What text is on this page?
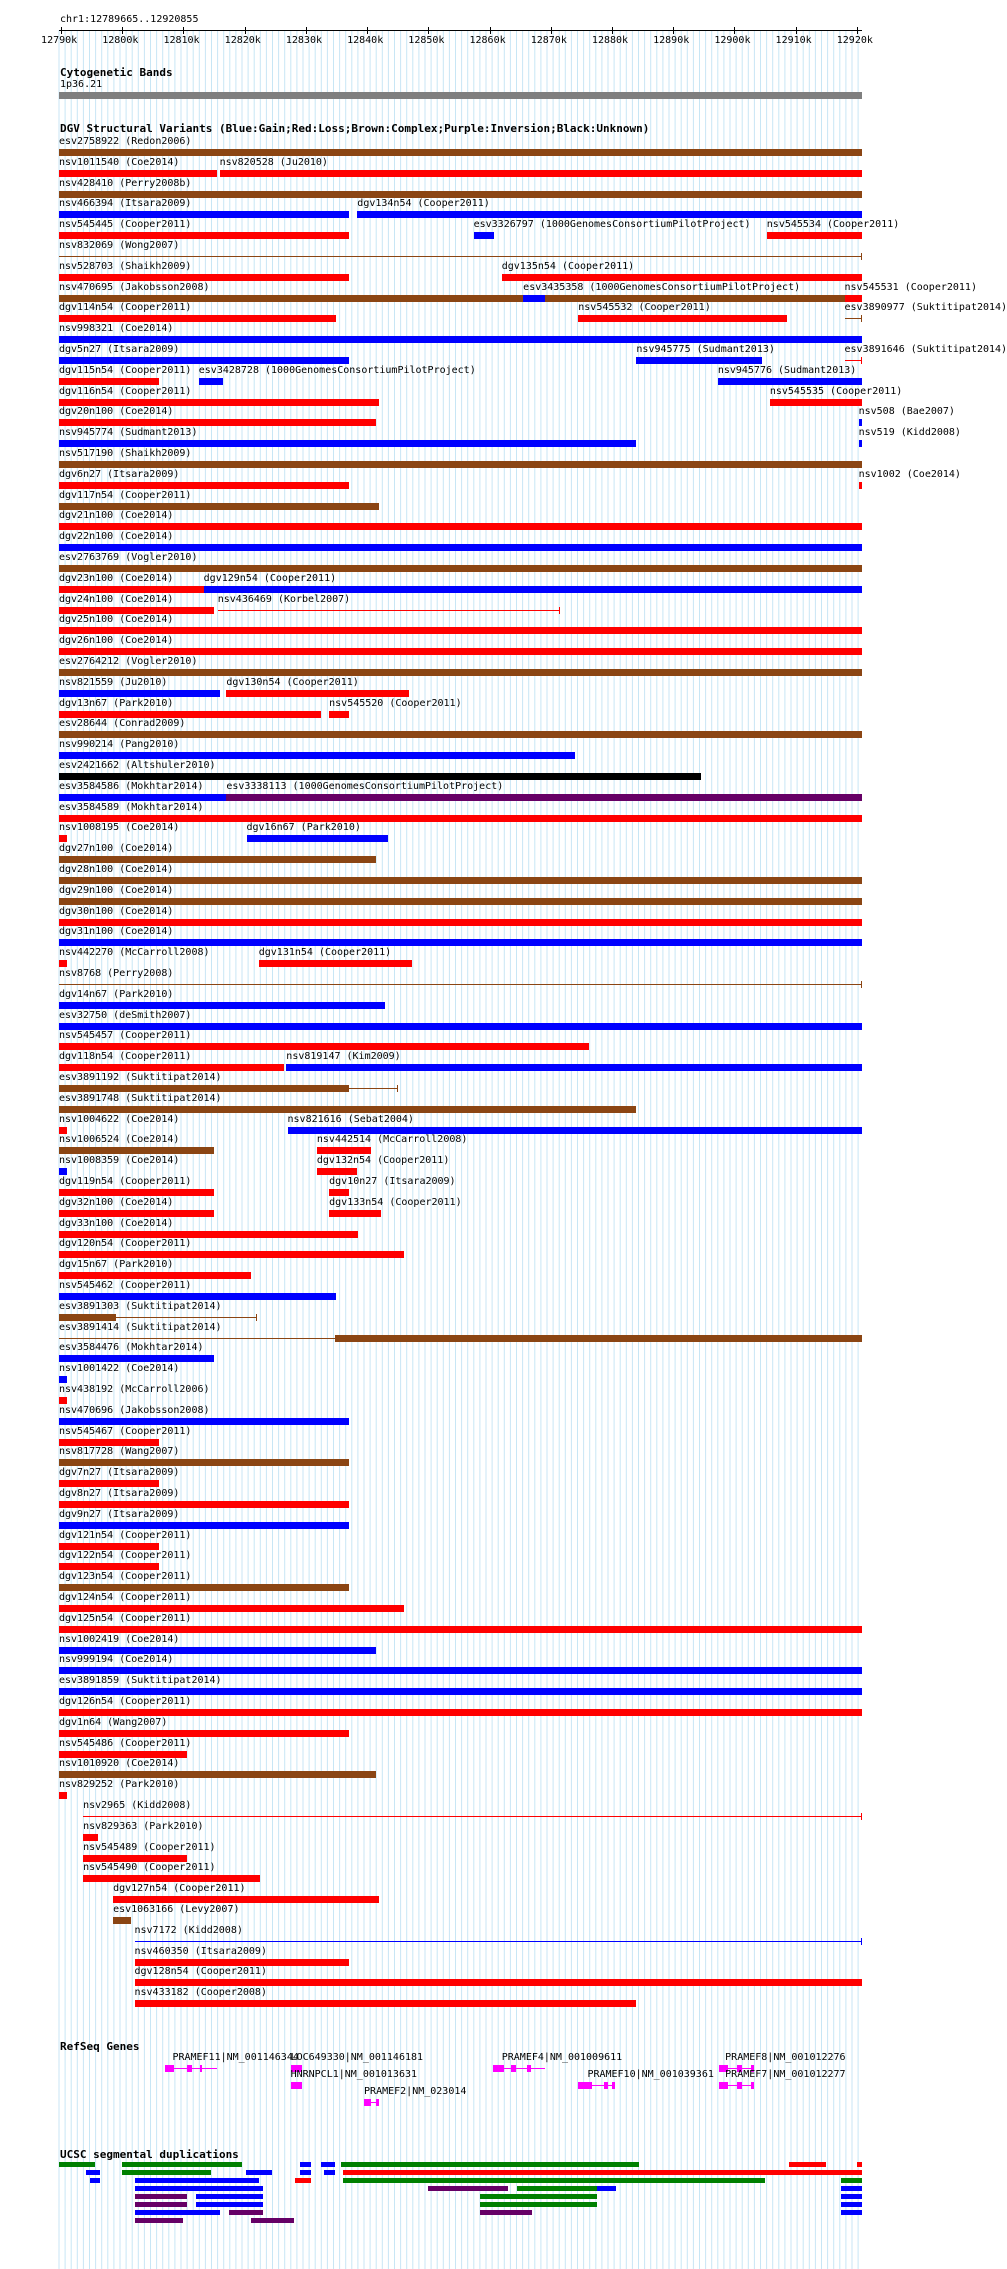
chr1:12789665..12920855
Cytogenetic Bands
1p36.21
DGV Structural Variants (Blue:Gain;Red:Loss;Brown:Complex;Purple:Inversion;Black:Unknown)
RefSeq Genes
UCSC segmental duplications
12790k	12800k	12810k	12820k	12830k	12840k	12850k	12860k	12870k	12880k	12890k	12900k	12910k	12920k
esv2758922 (Redon2006)
nsv1011540 (Coe2014)	nsv820528 (Ju2010)
nsv428410 (Perry2008b)
nsv466394 (Itsara2009)	dgv134n54 (Cooper2011)
nsv545445 (Cooper2011)	esv3326797 (1000GenomesConsortiumPilotProject) nsv545534 (Cooper2011)
nsv832069 (Wong2007)
nsv528703 (Shaikh2009)	dgv135n54 (Cooper2011)
nsv470695 (Jakobsson2008)	esv3435358 (1000GenomesConsortiumPilotProject)	nsv545531 (Cooper2011)
dgv114n54 (Cooper2011)	nsv545532 (Cooper2011)	esv3890977 (Suktitipat2014)
nsv998321 (Coe2014)
dgv5n27 (Itsara2009)	nsv945775 (Sudmant2013)	esv3891646 (Suktitipat2014)
dgv115n54 (Cooper2011) esv3428728 (1000GenomesConsortiumPilotProject)	nsv945776 (Sudmant2013)
dgv116n54 (Cooper2011)	nsv545535 (Cooper2011)
dgv20n100 (Coe2014)	nsv508 (Bae2007)
nsv945774 (Sudmant2013)	nsv519 (Kidd2008)
nsv517190 (Shaikh2009)
dgv6n27 (Itsara2009)	nsv1002 (Coe2014)
dgv117n54 (Cooper2011)
dgv21n100 (Coe2014)
dgv22n100 (Coe2014)
esv2763769 (Vogler2010)
dgv23n100 (Coe2014)	dgv129n54 (Cooper2011)
dgv24n100 (Coe2014)	nsv436469 (Korbel2007)
dgv25n100 (Coe2014)
dgv26n100 (Coe2014)
esv2764212 (Vogler2010)
nsv821559 (Ju2010)	dgv130n54 (Cooper2011)
dgv13n67 (Park2010)	nsv545520 (Cooper2011)
esv28644 (Conrad2009)
nsv990214 (Pang2010)
esv2421662 (Altshuler2010)
esv3584586 (Mokhtar2014) esv3338113 (1000GenomesConsortiumPilotProject)
esv3584589 (Mokhtar2014)
nsv1008195 (Coe2014)	dgv16n67 (Park2010)
dgv27n100 (Coe2014)
dgv28n100 (Coe2014)
dgv29n100 (Coe2014)
dgv30n100 (Coe2014)
dgv31n100 (Coe2014)
nsv442270 (McCarroll2008)	dgv131n54 (Cooper2011)
nsv8768 (Perry2008)
dgv14n67 (Park2010)
esv32750 (deSmith2007)
nsv545457 (Cooper2011)
dgv118n54 (Cooper2011)	nsv819147 (Kim2009)
esv3891192 (Suktitipat2014)
esv3891748 (Suktitipat2014)
nsv1004622 (Coe2014)	nsv821616 (Sebat2004)
nsv1006524 (Coe2014)	nsv442514 (McCarroll2008)
nsv1008359 (Coe2014)	dgv132n54 (Cooper2011)
dgv119n54 (Cooper2011)	dgv10n27 (Itsara2009)
dgv32n100 (Coe2014)	dgv133n54 (Cooper2011)
dgv33n100 (Coe2014)
dgv120n54 (Cooper2011)
dgv15n67 (Park2010)
nsv545462 (Cooper2011)
esv3891303 (Suktitipat2014)
esv3891414 (Suktitipat2014)
esv3584476 (Mokhtar2014)
nsv1001422 (Coe2014)
nsv438192 (McCarroll2006)
nsv470696 (Jakobsson2008)
nsv545467 (Cooper2011)
nsv817728 (Wang2007)
dgv7n27 (Itsara2009)
dgv8n27 (Itsara2009)
dgv9n27 (Itsara2009)
dgv121n54 (Cooper2011)
dgv122n54 (Cooper2011)
dgv123n54 (Cooper2011)
dgv124n54 (Cooper2011)
dgv125n54 (Cooper2011)
nsv1002419 (Coe2014)
nsv999194 (Coe2014)
esv3891859 (Suktitipat2014)
dgv126n54 (Cooper2011)
dgv1n64 (Wang2007)
nsv545486 (Cooper2011)
nsv1010920 (Coe2014)
nsv829252 (Park2010)
nsv2965 (Kidd2008)
nsv829363 (Park2010)
nsv545489 (Cooper2011)
nsv545490 (Cooper2011)
dgv127n54 (Cooper2011)
esv1063166 (Levy2007)
nsv7172 (Kidd2008)
nsv460350 (Itsara2009)
dgv128n54 (Cooper2011)
nsv433182 (Cooper2008)
PRAMEF11|NM_001146344
LOC649330|NM_001146181
HNRNPCL1|NM_001013631
PRAMEF4|NM_001009611
PRAMEF10|NM_001039361
PRAMEF8|NM_001012276
PRAMEF7|NM_001012277
PRAMEF2|NM_023014
